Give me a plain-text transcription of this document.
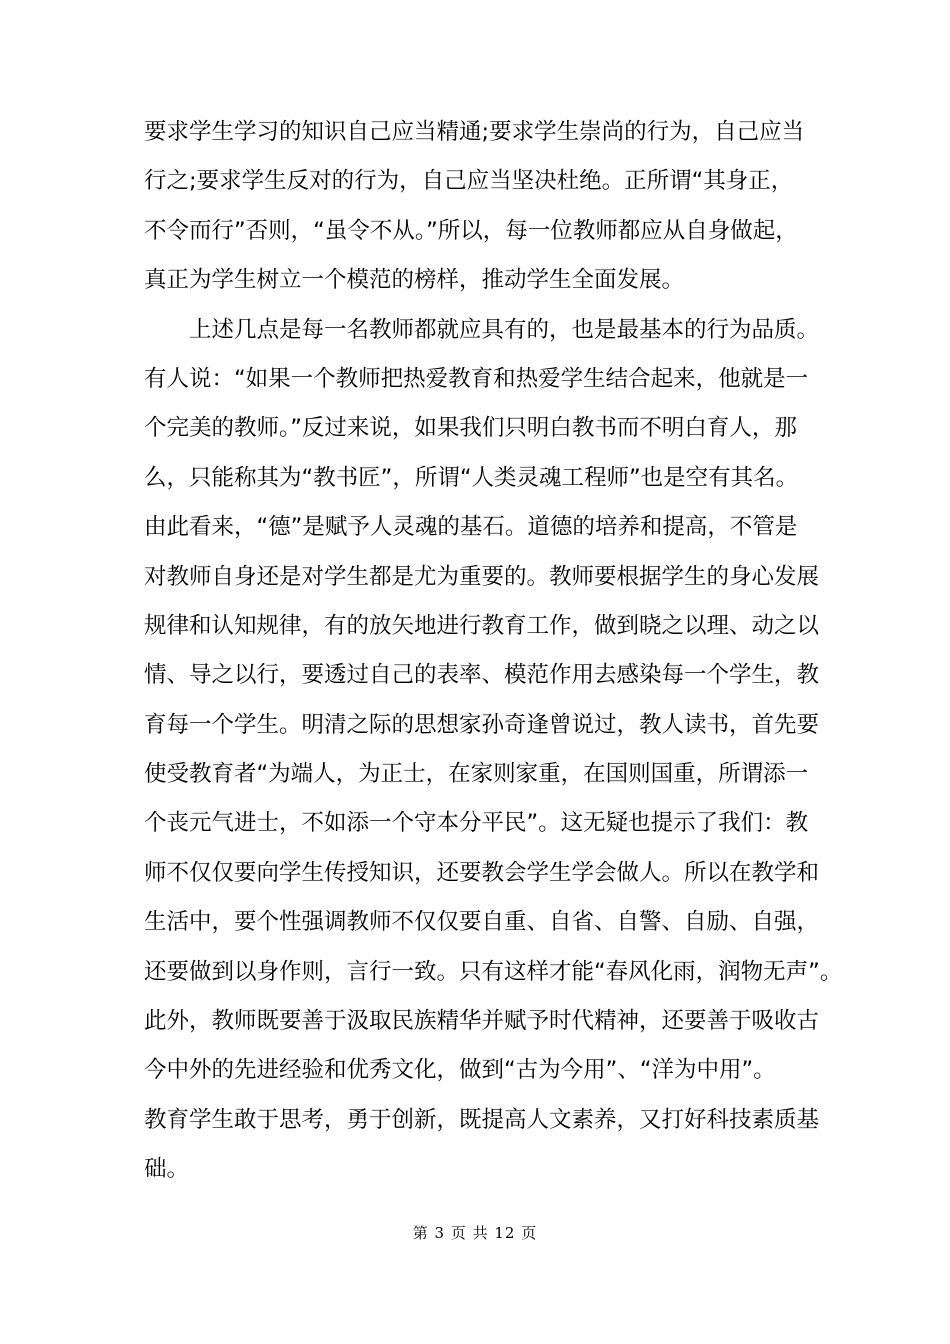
要求学生学习的知识自己应当精通;要求学生崇尚的行为，自己应当
行之;要求学生反对的行为，自己应当坚决杜绝。正所谓“其身正，
不令而行”否则，“虽令不从。”所以，每一位教师都应从自身做起，
真正为学生树立一个模范的榜样，推动学生全面发展。
　　上述几点是每一名教师都就应具有的，也是最基本的行为品质。
有人说：“如果一个教师把热爱教育和热爱学生结合起来，他就是一
个完美的教师。”反过来说，如果我们只明白教书而不明白育人，那
么，只能称其为“教书匠”，所谓“人类灵魂工程师”也是空有其名。
由此看来，“德”是赋予人灵魂的基石。道德的培养和提高，不管是
对教师自身还是对学生都是尤为重要的。教师要根据学生的身心发展
规律和认知规律，有的放矢地进行教育工作，做到晓之以理、动之以
情、导之以行，要透过自己的表率、模范作用去感染每一个学生，教
育每一个学生。明清之际的思想家孙奇逢曾说过，教人读书，首先要
使受教育者“为端人，为正士，在家则家重，在国则国重，所谓添一
个丧元气进士，不如添一个守本分平民”。这无疑也提示了我们：教
师不仅仅要向学生传授知识，还要教会学生学会做人。所以在教学和
生活中，要个性强调教师不仅仅要自重、自省、自警、自励、自强，
还要做到以身作则，言行一致。只有这样才能“春风化雨，润物无声”。
此外，教师既要善于汲取民族精华并赋予时代精神，还要善于吸收古
今中外的先进经验和优秀文化，做到“古为今用”、“洋为中用”。
教育学生敢于思考，勇于创新，既提高人文素养，又打好科技素质基
础。
第 3 页 共 12 页
